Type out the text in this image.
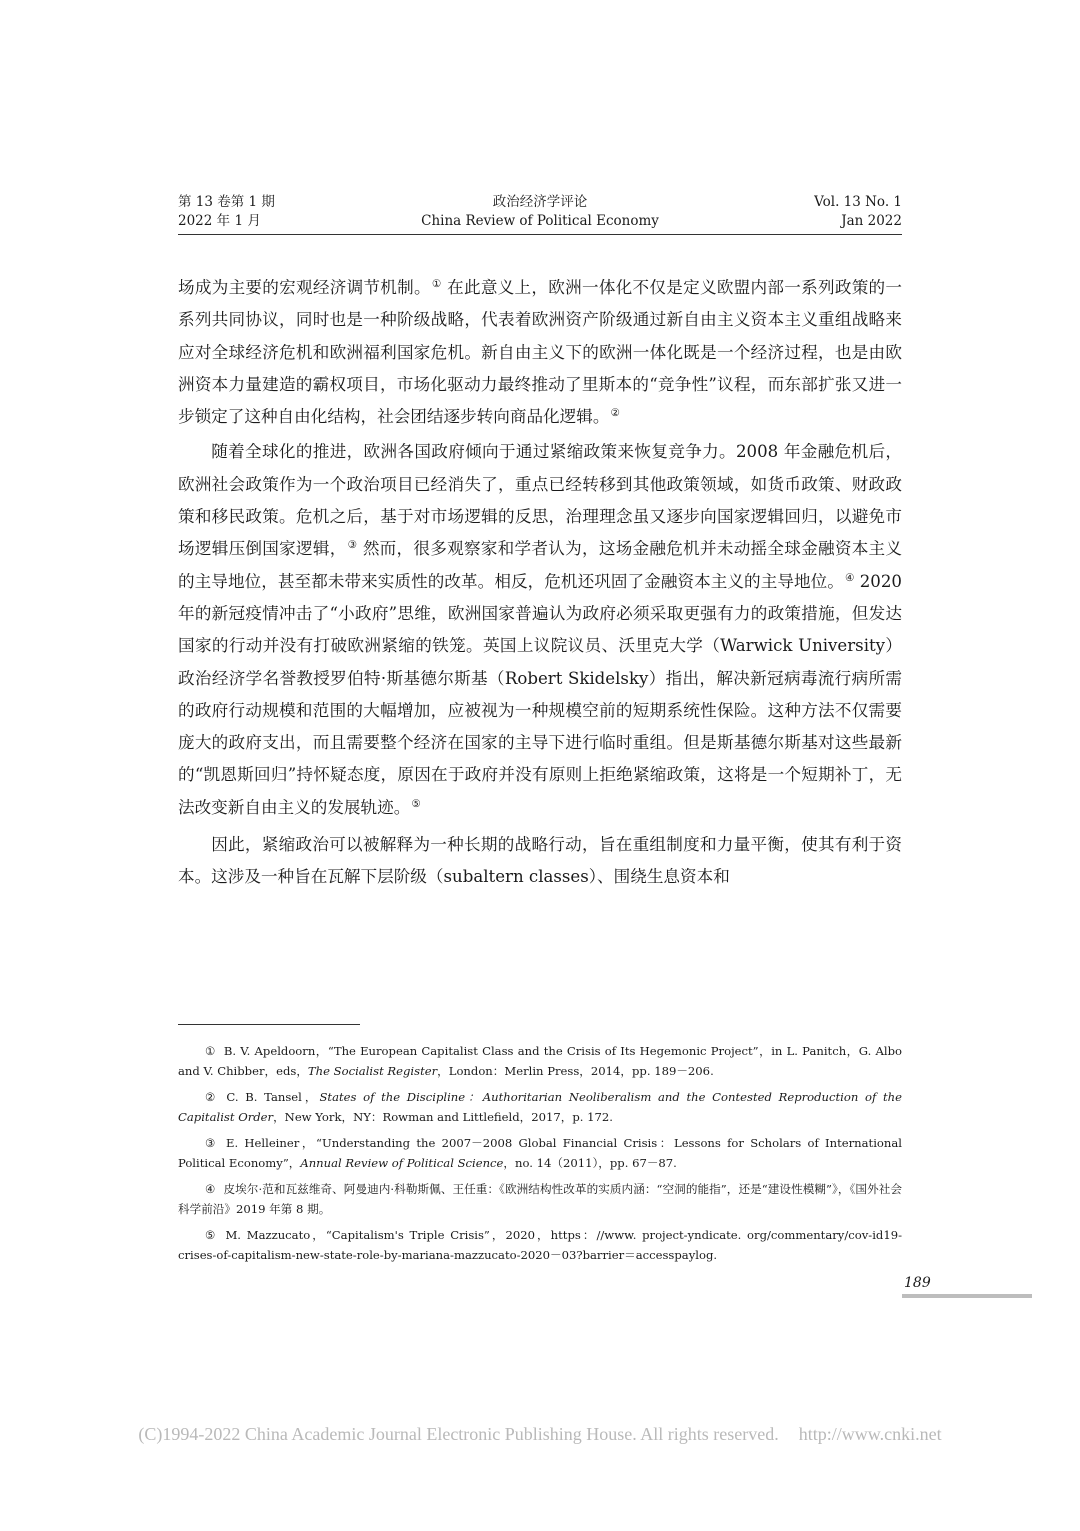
第 13 卷第 1 期
2022 年 1 月
政治经济学评论
China Review of Political Economy
Vol. 13 No. 1
Jan 2022

场成为主要的宏观经济调节机制。① 在此意义上，欧洲一体化不仅是定义欧盟内部一系列政策的一系列共同协议，同时也是一种阶级战略，代表着欧洲资产阶级通过新自由主义资本主义重组战略来应对全球经济危机和欧洲福利国家危机。新自由主义下的欧洲一体化既是一个经济过程，也是由欧洲资本力量建造的霸权项目，市场化驱动力最终推动了里斯本的“竞争性”议程，而东部扩张又进一步锁定了这种自由化结构，社会团结逐步转向商品化逻辑。②

随着全球化的推进，欧洲各国政府倾向于通过紧缩政策来恢复竞争力。2008 年金融危机后，欧洲社会政策作为一个政治项目已经消失了，重点已经转移到其他政策领域，如货币政策、财政政策和移民政策。危机之后，基于对市场逻辑的反思，治理理念虽又逐步向国家逻辑回归，以避免市场逻辑压倒国家逻辑，③ 然而，很多观察家和学者认为，这场金融危机并未动摇全球金融资本主义的主导地位，甚至都未带来实质性的改革。相反，危机还巩固了金融资本主义的主导地位。④ 2020 年的新冠疫情冲击了“小政府”思维，欧洲国家普遍认为政府必须采取更强有力的政策措施，但发达国家的行动并没有打破欧洲紧缩的铁笼。英国上议院议员、沃里克大学（Warwick University）政治经济学名誉教授罗伯特·斯基德尔斯基（Robert Skidelsky）指出，解决新冠病毒流行病所需的政府行动规模和范围的大幅增加，应被视为一种规模空前的短期系统性保险。这种方法不仅需要庞大的政府支出，而且需要整个经济在国家的主导下进行临时重组。但是斯基德尔斯基对这些最新的“凯恩斯回归”持怀疑态度，原因在于政府并没有原则上拒绝紧缩政策，这将是一个短期补丁，无法改变新自由主义的发展轨迹。⑤

因此，紧缩政治可以被解释为一种长期的战略行动，旨在重组制度和力量平衡，使其有利于资本。这涉及一种旨在瓦解下层阶级（subaltern classes）、围绕生息资本和

① B. V. Apeldoorn，“The European Capitalist Class and the Crisis of Its Hegemonic Project”，in L. Panitch，G. Albo and V. Chibber，eds，The Socialist Register，London：Merlin Press，2014，pp. 189－206.
② C. B. Tansel，States of the Discipline：Authoritarian Neoliberalism and the Contested Reproduction of the Capitalist Order，New York，NY：Rowman and Littlefield，2017，p. 172.
③ E. Helleiner，“Understanding the 2007－2008 Global Financial Crisis：Lessons for Scholars of International Political Economy”，Annual Review of Political Science，no. 14（2011），pp. 67－87.
④ 皮埃尔·范和瓦兹维奇、阿曼迪内·科勒斯佩、王任重：《欧洲结构性改革的实质内涵：“空洞的能指”，还是“建设性模糊”》，《国外社会科学前沿》2019 年第 8 期。
⑤ M. Mazzucato，“Capitalism's Triple Crisis”，2020，https：//www. project-yndicate. org/commentary/cov-id19-crises-of-capitalism-new-state-role-by-mariana-mazzucato-2020－03?barrier＝accesspaylog.
189
(C)1994-2022 China Academic Journal Electronic Publishing House. All rights reserved. http://www.cnki.net
